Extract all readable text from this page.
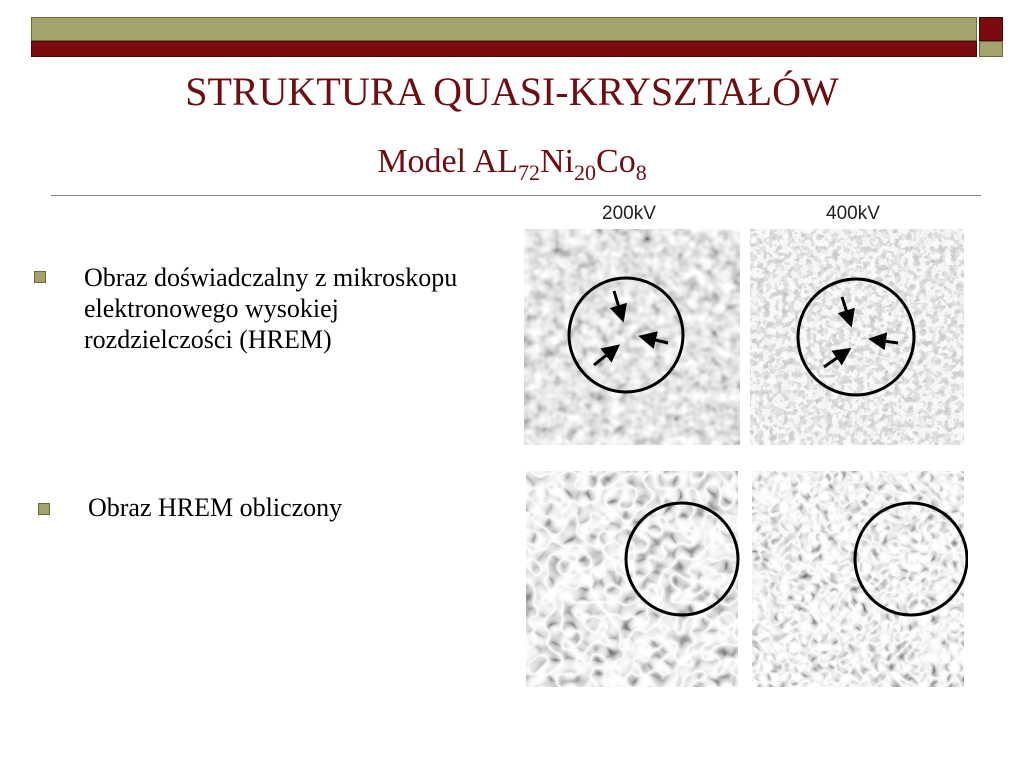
STRUKTURA QUASI-KRYSZTAŁÓW
Model $AL_{72}Ni_{20}Co_8$
Obraz doświadczalny z mikroskopu elektronowego wysokiej rozdzielczości (HREM)
Obraz HREM obliczony
200kV	400kV
